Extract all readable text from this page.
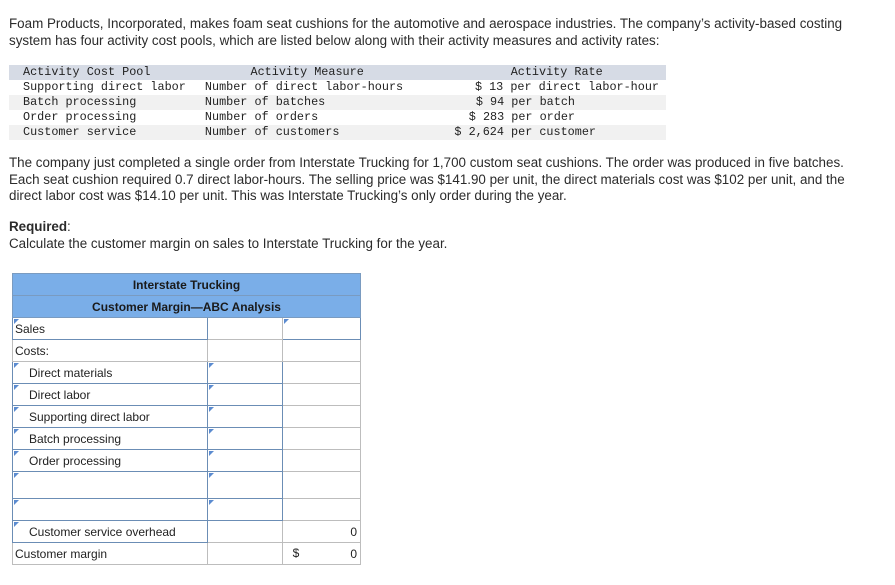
Foam Products, Incorporated, makes foam seat cushions for the automotive and aerospace industries. The company’s activity-based costing system has four activity cost pools, which are listed below along with their activity measures and activity rates:

Activity Cost Pool	Activity Measure	Activity Rate
Supporting direct labor	Number of direct labor-hours	$ 13 per direct labor-hour
Batch processing	Number of batches	$ 94 per batch
Order processing	Number of orders	$ 283 per order
Customer service	Number of customers	$ 2,624 per customer

The company just completed a single order from Interstate Trucking for 1,700 custom seat cushions. The order was produced in five batches. Each seat cushion required 0.7 direct labor-hours. The selling price was $141.90 per unit, the direct materials cost was $102 per unit, and the direct labor cost was $14.10 per unit. This was Interstate Trucking’s only order during the year.

Required:
Calculate the customer margin on sales to Interstate Trucking for the year.

Interstate Trucking		
Customer Margin—ABC Analysis		

Sales		

Costs:		

Direct materials	

Direct labor	

Supporting direct labor	

Batch processing	

Order processing	

Customer service overhead		0
Customer margin		$ 0
